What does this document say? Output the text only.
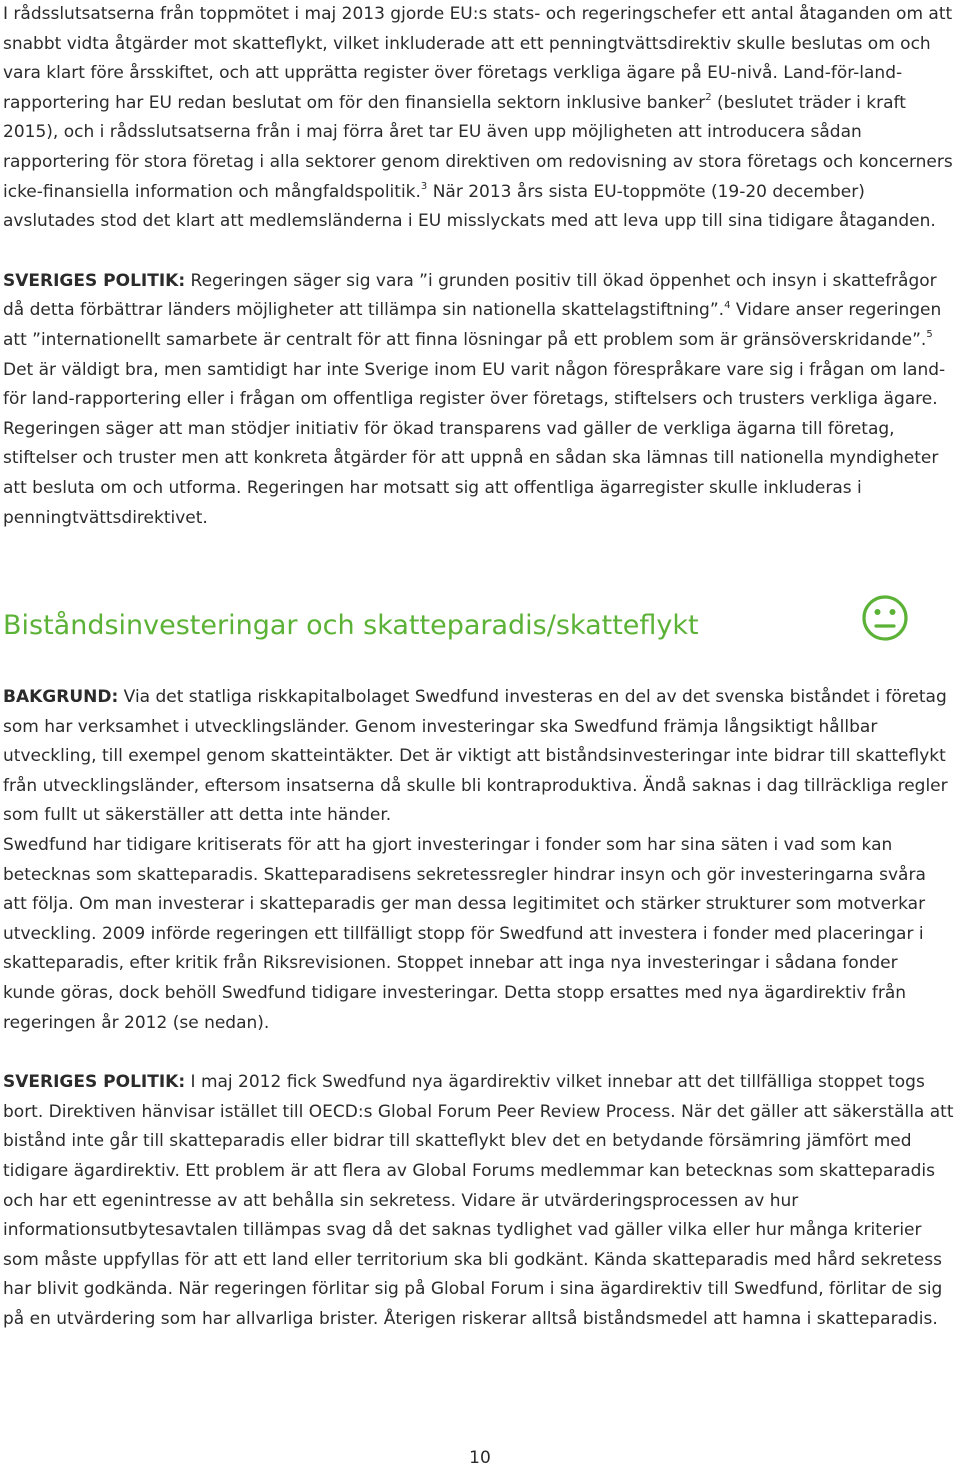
I rådsslutsatserna från toppmötet i maj 2013 gjorde EU:s stats- och regeringschefer ett antal åtaganden om att snabbt vidta åtgärder mot skatteflykt, vilket inkluderade att ett penningtvättsdirektiv skulle beslutas om och vara klart före årsskiftet, och att upprätta register över företags verkliga ägare på EU-nivå. Land-för-land-rapportering har EU redan beslutat om för den finansiella sektorn inklusive banker$^2$ (beslutet träder i kraft 2015), och i rådsslutsatserna från i maj förra året tar EU även upp möjligheten att introducera sådan rapportering för stora företag i alla sektorer genom direktiven om redovisning av stora företags och koncerners icke-finansiella information och mångfaldspolitik.$^3$ När 2013 års sista EU-toppmöte (19-20 december) avslutades stod det klart att medlemsländerna i EU misslyckats med att leva upp till sina tidigare åtaganden.

SVERIGES POLITIK: Regeringen säger sig vara ”i grunden positiv till ökad öppenhet och insyn i skattefrågor då detta förbättrar länders möjligheter att tillämpa sin nationella skattelagstiftning”.$^4$ Vidare anser regeringen att ”internationellt samarbete är centralt för att finna lösningar på ett problem som är gränsöverskridande”.$^5$ Det är väldigt bra, men samtidigt har inte Sverige inom EU varit någon förespråkare vare sig i frågan om land-för land-rapportering eller i frågan om offentliga register över företags, stiftelsers och trusters verkliga ägare. Regeringen säger att man stödjer initiativ för ökad transparens vad gäller de verkliga ägarna till företag, stiftelser och truster men att konkreta åtgärder för att uppnå en sådan ska lämnas till nationella myndigheter att besluta om och utforma. Regeringen har motsatt sig att offentliga ägarregister skulle inkluderas i penningtvättsdirektivet.

Biståndsinvesteringar och skatteparadis/skatteflykt

BAKGRUND: Via det statliga riskkapitalbolaget Swedfund investeras en del av det svenska biståndet i företag som har verksamhet i utvecklingsländer. Genom investeringar ska Swedfund främja långsiktigt hållbar utveckling, till exempel genom skatteintäkter. Det är viktigt att biståndsinvesteringar inte bidrar till skatteflykt från utvecklingsländer, eftersom insatserna då skulle bli kontraproduktiva. Ändå saknas i dag tillräckliga regler som fullt ut säkerställer att detta inte händer.

Swedfund har tidigare kritiserats för att ha gjort investeringar i fonder som har sina säten i vad som kan betecknas som skatteparadis. Skatteparadisens sekretessregler hindrar insyn och gör investeringarna svåra att följa. Om man investerar i skatteparadis ger man dessa legitimitet och stärker strukturer som motverkar utveckling. 2009 införde regeringen ett tillfälligt stopp för Swedfund att investera i fonder med placeringar i skatteparadis, efter kritik från Riksrevisionen. Stoppet innebar att inga nya investeringar i sådana fonder kunde göras, dock behöll Swedfund tidigare investeringar. Detta stopp ersattes med nya ägardirektiv från regeringen år 2012 (se nedan).

SVERIGES POLITIK: I maj 2012 fick Swedfund nya ägardirektiv vilket innebar att det tillfälliga stoppet togs bort. Direktiven hänvisar istället till OECD:s Global Forum Peer Review Process. När det gäller att säkerställa att bistånd inte går till skatteparadis eller bidrar till skatteflykt blev det en betydande försämring jämfört med tidigare ägardirektiv. Ett problem är att flera av Global Forums medlemmar kan betecknas som skatteparadis och har ett egenintresse av att behålla sin sekretess. Vidare är utvärderingsprocessen av hur informationsutbytesavtalen tillämpas svag då det saknas tydlighet vad gäller vilka eller hur många kriterier som måste uppfyllas för att ett land eller territorium ska bli godkänt. Kända skatteparadis med hård sekretess har blivit godkända. När regeringen förlitar sig på Global Forum i sina ägardirektiv till Swedfund, förlitar de sig på en utvärdering som har allvarliga brister. Återigen riskerar alltså biståndsmedel att hamna i skatteparadis.

10
